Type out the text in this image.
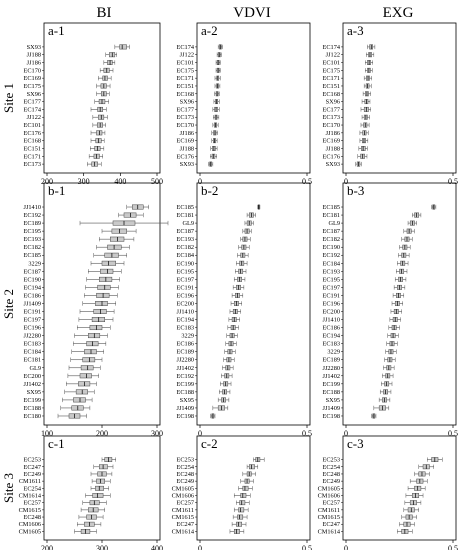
BI	VDVI	EXG
Site 1
Site 2
Site 3
a-1
200	300	400	500
SX93
JJ188
JJ186
EC170
EC169
EC175
SX96
EC177
EC174
JJ122
EC101
EC176
EC168
EC151
EC171
EC173
a-2
0	0.5
EC174
JJ122
EC101
EC175
EC171
EC151
EC168
SX96
EC177
EC173
EC170
JJ186
EC169
JJ188
EC176
SX93
a-3
0	0.5
EC174
JJ122
EC101
EC175
EC171
EC151
EC168
SX96
EC177
EC173
EC170
JJ186
EC169
JJ188
EC176
SX93
b-1
100	200	300
JJ1410
EC192
EC189
EC195
EC193
EC182
EC185
3229
EC187
EC190
EC194
EC186
JJ1409
EC191
EC197
EC196
JJ2280
EC183
EC184
EC181
GL9
EC200
JJ1402
SX95
EC199
EC188
EC180
b-2
0	0.5
EC185
EC181
GL9
EC187
EC193
EC182
EC184
EC190
EC195
EC197
EC191
EC196
EC200
JJ1410
EC194
EC183
3229
EC186
EC189
JJ2280
JJ1402
EC192
EC199
EC188
SX95
JJ1409
EC198
b-3
0	0.5
EC185
EC181
GL9
EC187
EC182
EC190
EC192
EC184
EC193
EC195
EC197
EC191
EC196
EC200
JJ1410
EC186
EC194
EC183
3229
EC189
JJ2280
JJ1402
EC199
EC188
SX95
JJ1409
EC198
c-1
200	300	400
EC253
EC247
EC249
CM1611
EC254
CM1614
EC257
CM1615
EC248
CM1606
CM1605
c-2
0	0.5
EC253
EC254
EC248
EC249
CM1605
CM1606
EC257
CM1611
CM1615
EC247
CM1614
c-3
0	0.5
EC253
EC254
EC248
EC249
CM1605
CM1606
EC257
CM1611
CM1615
EC247
CM1614
